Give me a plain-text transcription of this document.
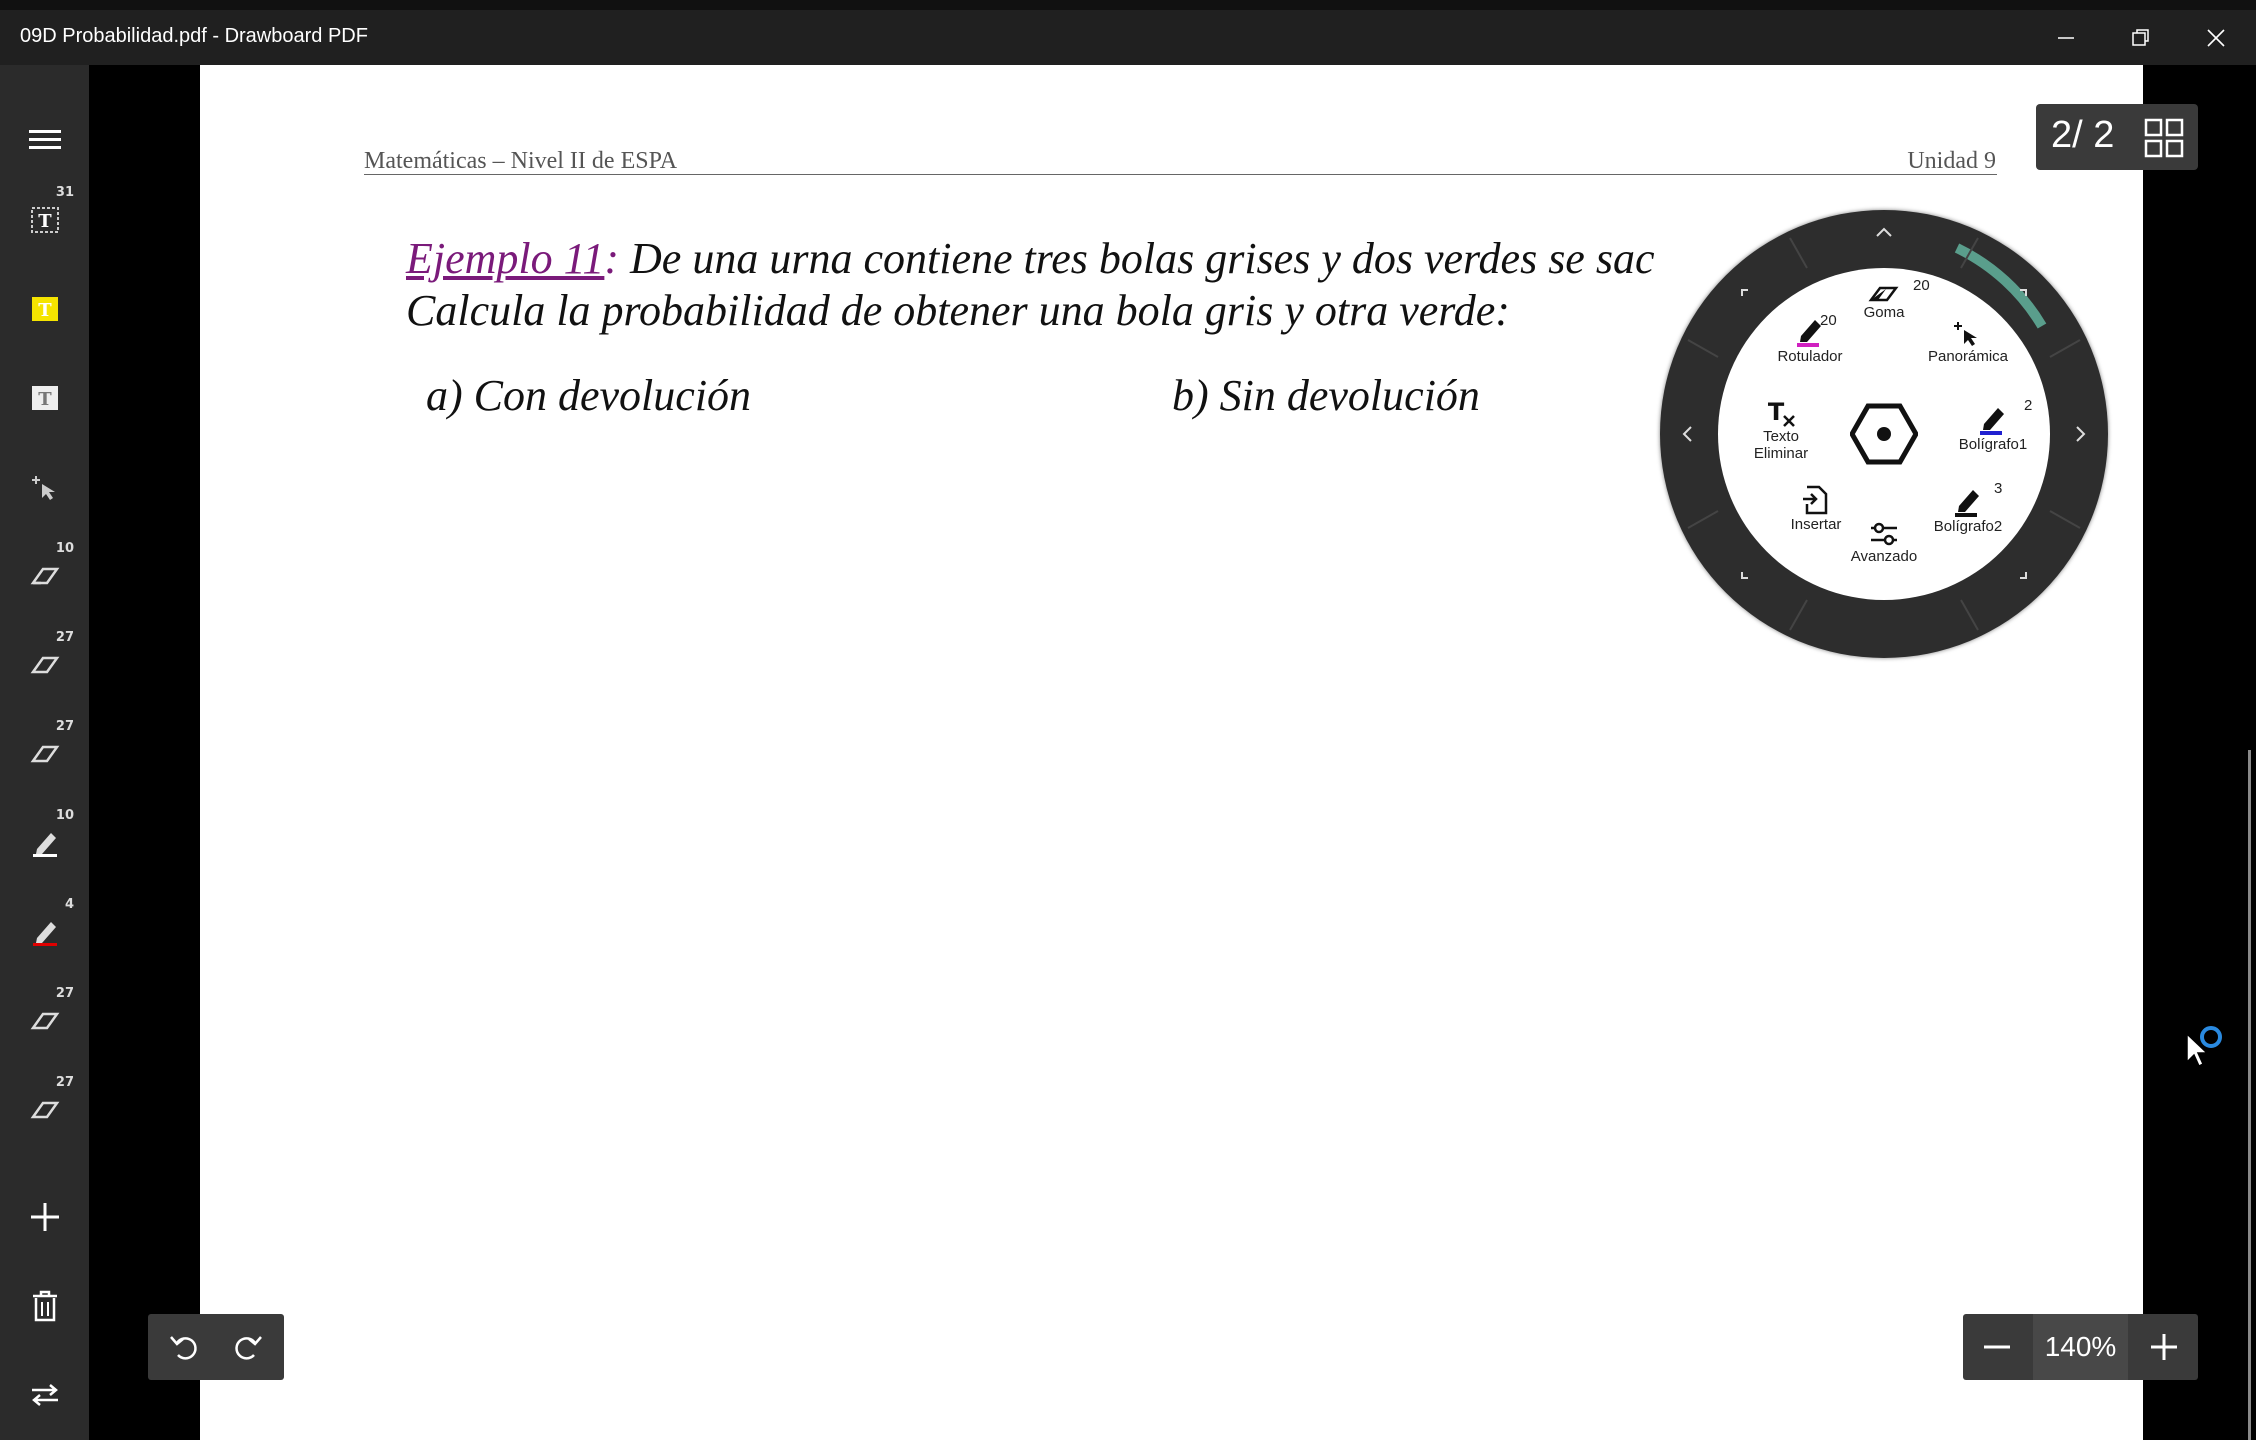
09D Probabilidad.pdf - Drawboard PDF
31
T
T
T
10
27
27
10
4
27
27
Matemáticas – Nivel II de ESPA	Unidad 9
Ejemplo 11: De una urna contiene tres bolas grises y dos verdes se sac
Calcula la probabilidad de obtener una bola gris y otra verde:
a) Con devolución	b) Sin devolución
2/ 2
Goma
20
Rotulador
20
Panorámica
T
Texto
Eliminar
Bolígrafo1
2
Insertar	Bolígrafo2
3
Avanzado
140%
